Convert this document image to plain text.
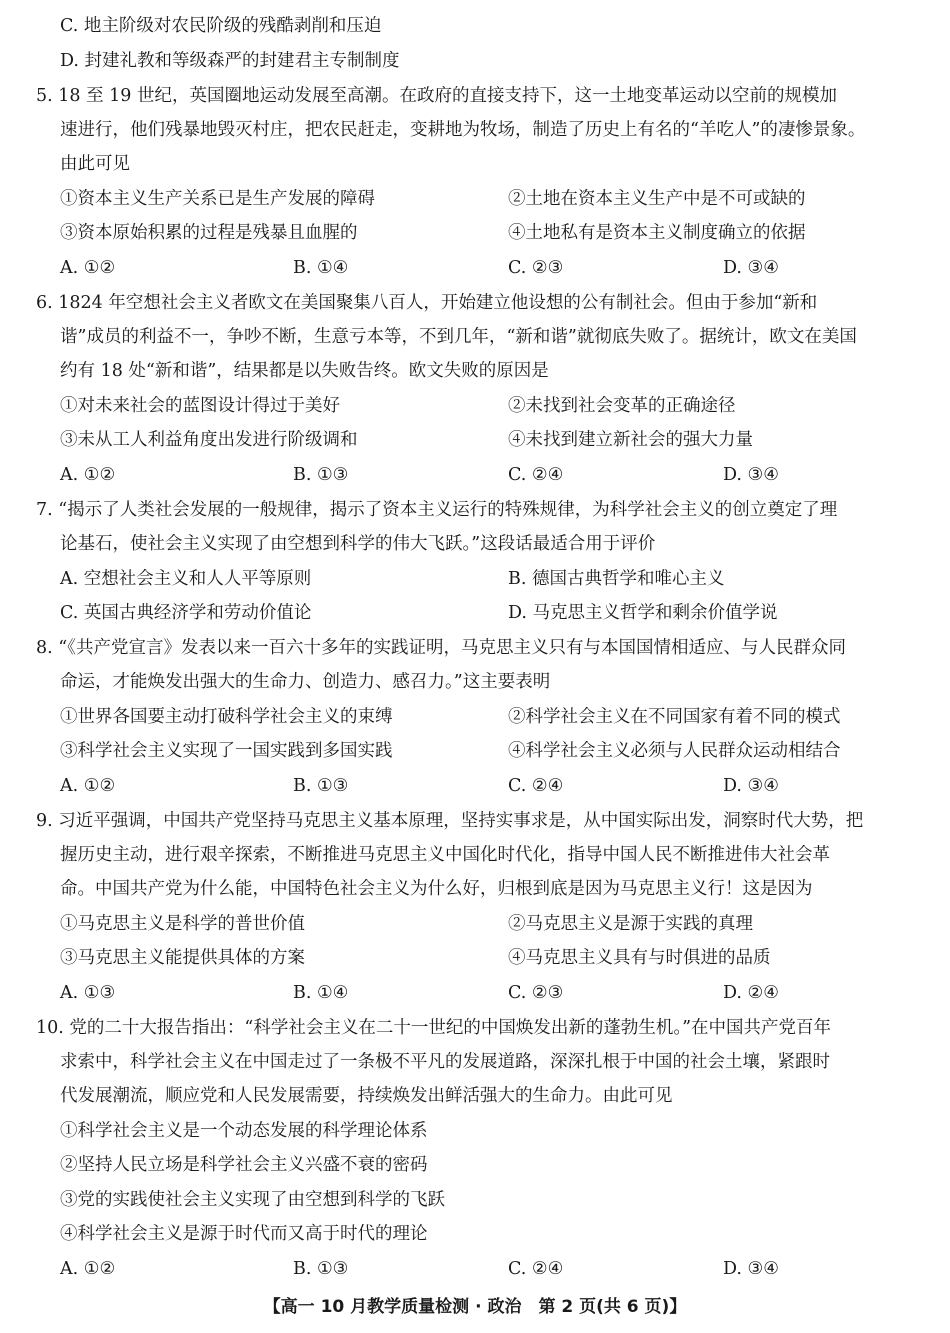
C. 地主阶级对农民阶级的残酷剥削和压迫
D. 封建礼教和等级森严的封建君主专制制度
5. 18 至 19 世纪，英国圈地运动发展至高潮。在政府的直接支持下，这一土地变革运动以空前的规模加
速进行，他们残暴地毁灭村庄，把农民赶走，变耕地为牧场，制造了历史上有名的“羊吃人”的凄惨景象。
由此可见
①资本主义生产关系已是生产发展的障碍	②土地在资本主义生产中是不可或缺的
③资本原始积累的过程是残暴且血腥的	④土地私有是资本主义制度确立的依据
A. ①②	B. ①④	C. ②③	D. ③④
6. 1824 年空想社会主义者欧文在美国聚集八百人，开始建立他设想的公有制社会。但由于参加“新和
谐”成员的利益不一，争吵不断，生意亏本等，不到几年，“新和谐”就彻底失败了。据统计，欧文在美国
约有 18 处“新和谐”，结果都是以失败告终。欧文失败的原因是
①对未来社会的蓝图设计得过于美好	②未找到社会变革的正确途径
③未从工人利益角度出发进行阶级调和	④未找到建立新社会的强大力量
A. ①②	B. ①③	C. ②④	D. ③④
7. “揭示了人类社会发展的一般规律，揭示了资本主义运行的特殊规律，为科学社会主义的创立奠定了理
论基石，使社会主义实现了由空想到科学的伟大飞跃。”这段话最适合用于评价
A. 空想社会主义和人人平等原则	B. 德国古典哲学和唯心主义
C. 英国古典经济学和劳动价值论	D. 马克思主义哲学和剩余价值学说
8. “《共产党宣言》发表以来一百六十多年的实践证明，马克思主义只有与本国国情相适应、与人民群众同
命运，才能焕发出强大的生命力、创造力、感召力。”这主要表明
①世界各国要主动打破科学社会主义的束缚	②科学社会主义在不同国家有着不同的模式
③科学社会主义实现了一国实践到多国实践	④科学社会主义必须与人民群众运动相结合
A. ①②	B. ①③	C. ②④	D. ③④
9. 习近平强调，中国共产党坚持马克思主义基本原理，坚持实事求是，从中国实际出发，洞察时代大势，把
握历史主动，进行艰辛探索，不断推进马克思主义中国化时代化，指导中国人民不断推进伟大社会革
命。中国共产党为什么能，中国特色社会主义为什么好，归根到底是因为马克思主义行！这是因为
①马克思主义是科学的普世价值	②马克思主义是源于实践的真理
③马克思主义能提供具体的方案	④马克思主义具有与时俱进的品质
A. ①③	B. ①④	C. ②③	D. ②④
10. 党的二十大报告指出：“科学社会主义在二十一世纪的中国焕发出新的蓬勃生机。”在中国共产党百年
求索中，科学社会主义在中国走过了一条极不平凡的发展道路，深深扎根于中国的社会土壤，紧跟时
代发展潮流，顺应党和人民发展需要，持续焕发出鲜活强大的生命力。由此可见
①科学社会主义是一个动态发展的科学理论体系
②坚持人民立场是科学社会主义兴盛不衰的密码
③党的实践使社会主义实现了由空想到科学的飞跃
④科学社会主义是源于时代而又高于时代的理论
A. ①②	B. ①③	C. ②④	D. ③④
【高一 10 月教学质量检测 · 政治　第 2 页(共 6 页)】
